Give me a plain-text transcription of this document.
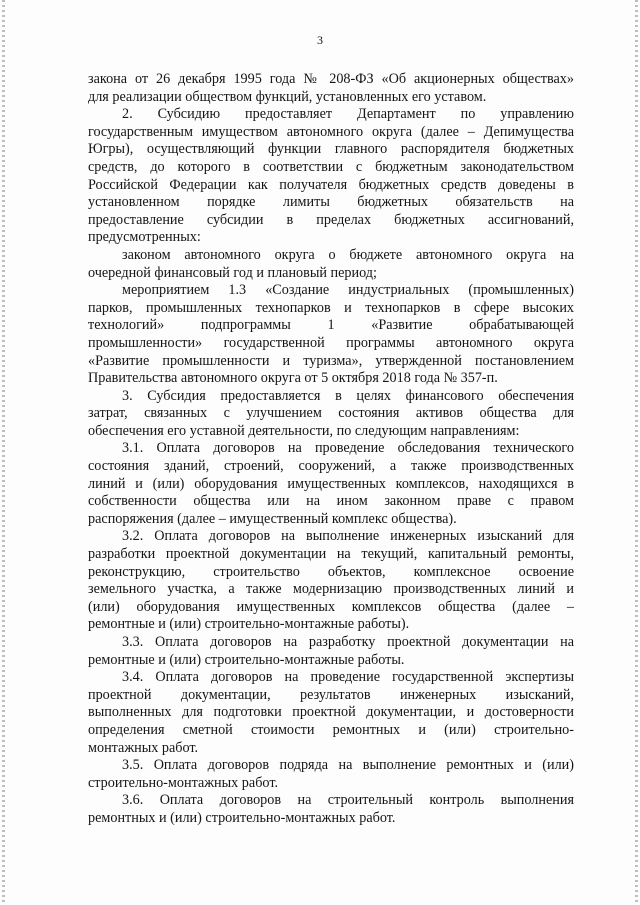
3

закона от 26 декабря 1995 года № 208-ФЗ «Об акционерных обществах»

для реализации обществом функций, установленных его уставом.

2. Субсидию предоставляет Департамент по управлению

государственным имуществом автономного округа (далее – Депимущества

Югры), осуществляющий функции главного распорядителя бюджетных

средств, до которого в соответствии с бюджетным законодательством

Российской Федерации как получателя бюджетных средств доведены в

установленном порядке лимиты бюджетных обязательств на

предоставление субсидии в пределах бюджетных ассигнований,

предусмотренных:

законом автономного округа о бюджете автономного округа на

очередной финансовый год и плановый период;

мероприятием 1.3 «Создание индустриальных (промышленных)

парков, промышленных технопарков и технопарков в сфере высоких

технологий» подпрограммы 1 «Развитие обрабатывающей

промышленности» государственной программы автономного округа

«Развитие промышленности и туризма», утвержденной постановлением

Правительства автономного округа от 5 октября 2018 года № 357-п.

3. Субсидия предоставляется в целях финансового обеспечения

затрат, связанных с улучшением состояния активов общества для

обеспечения его уставной деятельности, по следующим направлениям:

3.1. Оплата договоров на проведение обследования технического

состояния зданий, строений, сооружений, а также производственных

линий и (или) оборудования имущественных комплексов, находящихся в

собственности общества или на ином законном праве с правом

распоряжения (далее – имущественный комплекс общества).

3.2. Оплата договоров на выполнение инженерных изысканий для

разработки проектной документации на текущий, капитальный ремонты,

реконструкцию, строительство объектов, комплексное освоение

земельного участка, а также модернизацию производственных линий и

(или) оборудования имущественных комплексов общества (далее –

ремонтные и (или) строительно-монтажные работы).

3.3. Оплата договоров на разработку проектной документации на

ремонтные и (или) строительно-монтажные работы.

3.4. Оплата договоров на проведение государственной экспертизы

проектной документации, результатов инженерных изысканий,

выполненных для подготовки проектной документации, и достоверности

определения сметной стоимости ремонтных и (или) строительно-

монтажных работ.

3.5. Оплата договоров подряда на выполнение ремонтных и (или)

строительно-монтажных работ.

3.6. Оплата договоров на строительный контроль выполнения

ремонтных и (или) строительно-монтажных работ.
